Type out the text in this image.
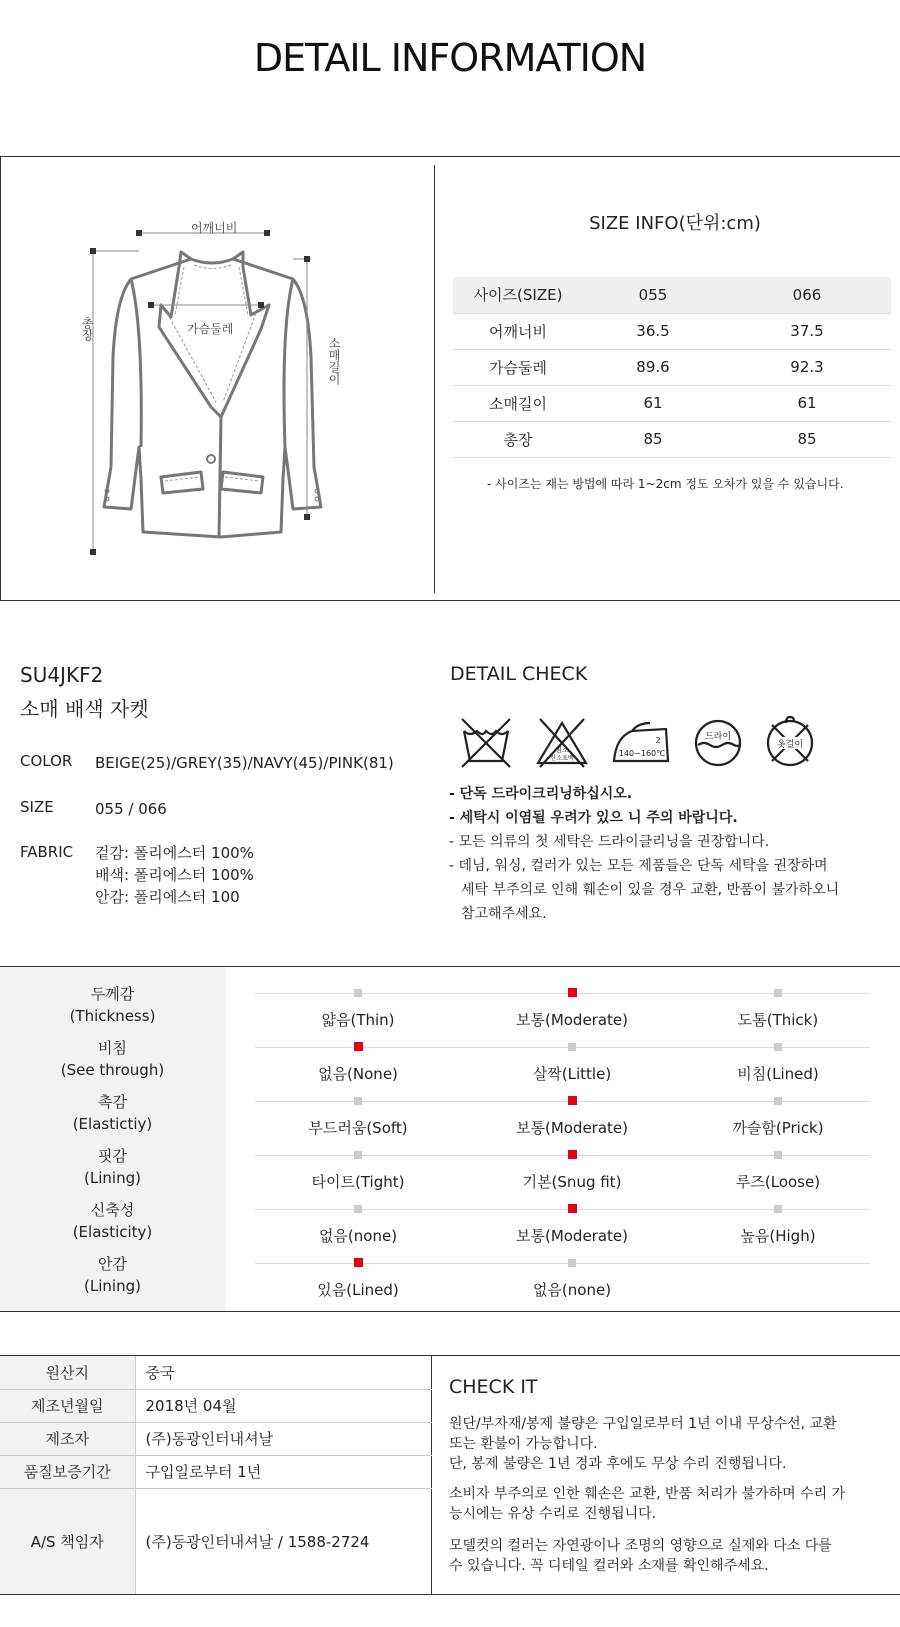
DETAIL INFORMATION
어깨너비
가슴둘레
총장
소매길이
SIZE INFO(단위:cm)
사이즈(SIZE)	055	066
어깨너비	36.5	37.5
가슴둘레	89.6	92.3
소매길이	61	61
총장	85	85
- 사이즈는 재는 방법에 따라 1~2cm 정도 오차가 있을 수 있습니다.
SU4JKF2
소매 배색 자켓
COLOR	BEIGE(25)/GREY(35)/NAVY(45)/PINK(81)
SIZE	055 / 066
FABRIC	겉감: 폴리에스터 100%
배색: 폴리에스터 100%
안감: 폴리에스터 100
DETAIL CHECK
염소
산소표백
2
140~160℃
드라이
옷걸이
- 단독 드라이크리닝하십시오.
- 세탁시 이염될 우려가 있으 니 주의 바랍니다.
- 모든 의류의 첫 세탁은 드라이클리닝을 권장합니다.
- 데님, 워싱, 컬러가 있는 모든 제품들은 단독 세탁을 권장하며
세탁 부주의로 인해 훼손이 있을 경우 교환, 반품이 불가하오니
참고해주세요.
두께감
(Thickness)	얇음(Thin)	보통(Moderate)	도톰(Thick)
비침
(See through)	없음(None)	살짝(Little)	비침(Lined)
촉감
(Elastictiy)	부드러움(Soft)	보통(Moderate)	까슬함(Prick)
핏감
(Lining)	타이트(Tight)	기본(Snug fit)	루즈(Loose)
신축성
(Elasticity)	없음(none)	보통(Moderate)	높음(High)
안감
(Lining)	있음(Lined)	없음(none)
원산지	중국
제조년월일	2018년 04월
제조자	(주)동광인터내셔날
품질보증기간	구입일로부터 1년
A/S 책임자	(주)동광인터내셔날 / 1588-2724
CHECK IT
원단/부자재/봉제 불량은 구입일로부터 1년 이내 무상수선, 교환
또는 환불이 가능합니다.
단, 봉제 불량은 1년 경과 후에도 무상 수리 진행됩니다.
소비자 부주의로 인한 훼손은 교환, 반품 처리가 불가하며 수리 가
능시에는 유상 수리로 진행됩니다.
모델컷의 컬러는 자연광이나 조명의 영향으로 실제와 다소 다를
수 있습니다. 꼭 디테일 컬러와 소재를 확인해주세요.
